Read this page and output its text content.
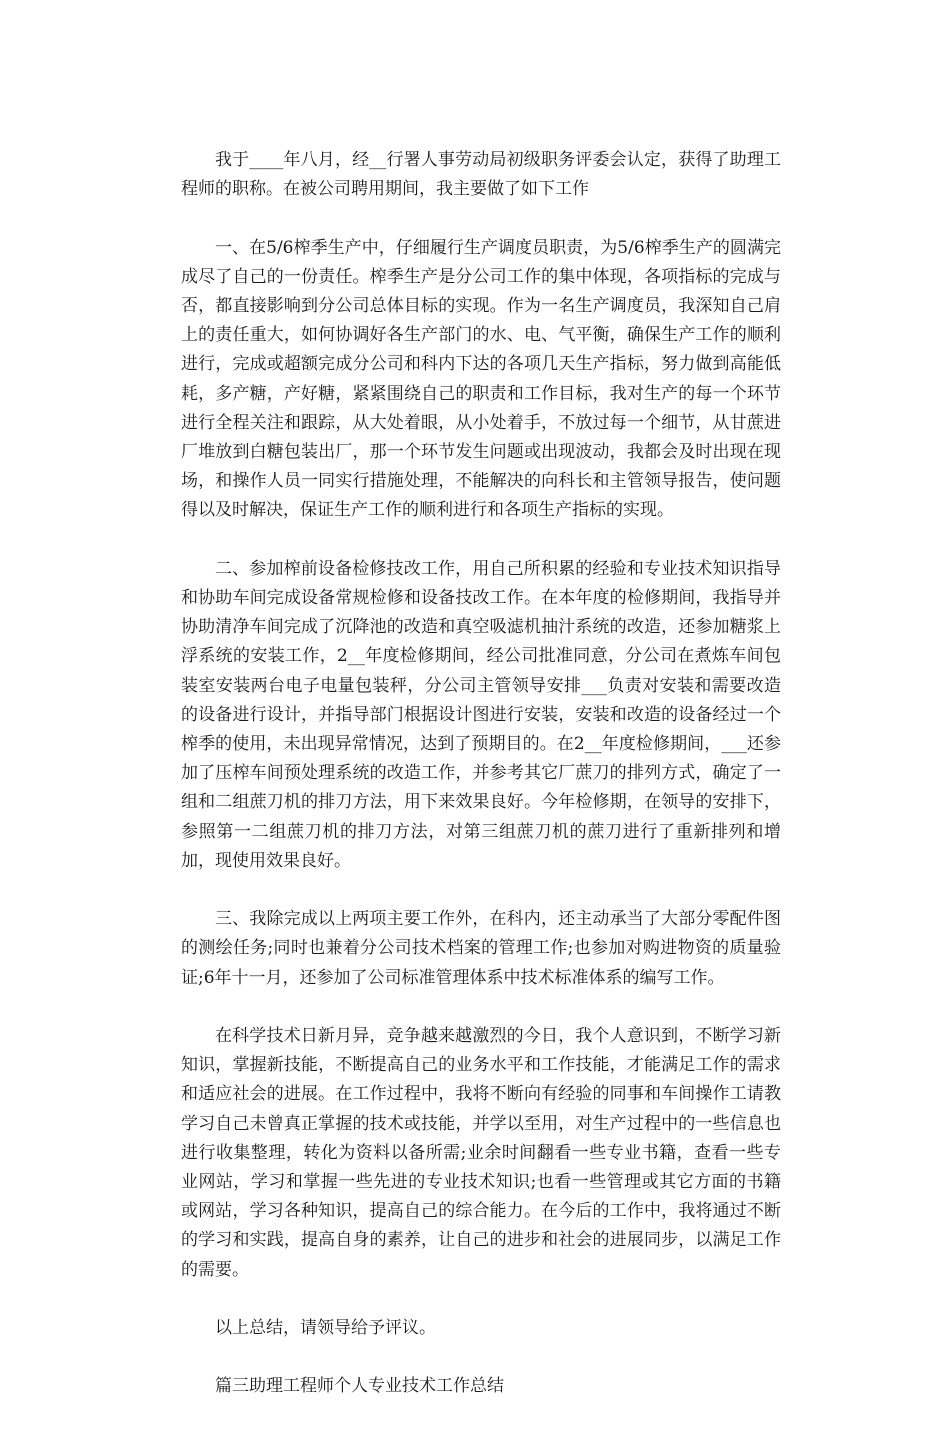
我于____年八月，经__行署人事劳动局初级职务评委会认定，获得了助理工程师的职称。在被公司聘用期间，我主要做了如下工作

一、在5/6榨季生产中，仔细履行生产调度员职责，为5/6榨季生产的圆满完成尽了自己的一份责任。榨季生产是分公司工作的集中体现，各项指标的完成与否，都直接影响到分公司总体目标的实现。作为一名生产调度员，我深知自己肩上的责任重大，如何协调好各生产部门的水、电、气平衡，确保生产工作的顺利进行，完成或超额完成分公司和科内下达的各项几天生产指标，努力做到高能低耗，多产糖，产好糖，紧紧围绕自己的职责和工作目标，我对生产的每一个环节进行全程关注和跟踪，从大处着眼，从小处着手，不放过每一个细节，从甘蔗进厂堆放到白糖包装出厂，那一个环节发生问题或出现波动，我都会及时出现在现场，和操作人员一同实行措施处理，不能解决的向科长和主管领导报告，使问题得以及时解决，保证生产工作的顺利进行和各项生产指标的实现。

二、参加榨前设备检修技改工作，用自己所积累的经验和专业技术知识指导和协助车间完成设备常规检修和设备技改工作。在本年度的检修期间，我指导并协助清净车间完成了沉降池的改造和真空吸滤机抽汁系统的改造，还参加糖浆上浮系统的安装工作，2__年度检修期间，经公司批准同意，分公司在煮炼车间包装室安装两台电子电量包装秤，分公司主管领导安排___负责对安装和需要改造的设备进行设计，并指导部门根据设计图进行安装，安装和改造的设备经过一个榨季的使用，未出现异常情况，达到了预期目的。在2__年度检修期间，___还参加了压榨车间预处理系统的改造工作，并参考其它厂蔗刀的排列方式，确定了一组和二组蔗刀机的排刀方法，用下来效果良好。今年检修期，在领导的安排下，参照第一二组蔗刀机的排刀方法，对第三组蔗刀机的蔗刀进行了重新排列和增加，现使用效果良好。

三、我除完成以上两项主要工作外，在科内，还主动承当了大部分零配件图的测绘任务;同时也兼着分公司技术档案的管理工作;也参加对购进物资的质量验证;6年十一月，还参加了公司标准管理体系中技术标准体系的编写工作。

在科学技术日新月异，竞争越来越激烈的今日，我个人意识到，不断学习新知识，掌握新技能，不断提高自己的业务水平和工作技能，才能满足工作的需求和适应社会的进展。在工作过程中，我将不断向有经验的同事和车间操作工请教学习自己未曾真正掌握的技术或技能，并学以至用，对生产过程中的一些信息也进行收集整理，转化为资料以备所需;业余时间翻看一些专业书籍，查看一些专业网站，学习和掌握一些先进的专业技术知识;也看一些管理或其它方面的书籍或网站，学习各种知识，提高自己的综合能力。在今后的工作中，我将通过不断的学习和实践，提高自身的素养，让自己的进步和社会的进展同步，以满足工作的需要。

以上总结，请领导给予评议。

篇三助理工程师个人专业技术工作总结
